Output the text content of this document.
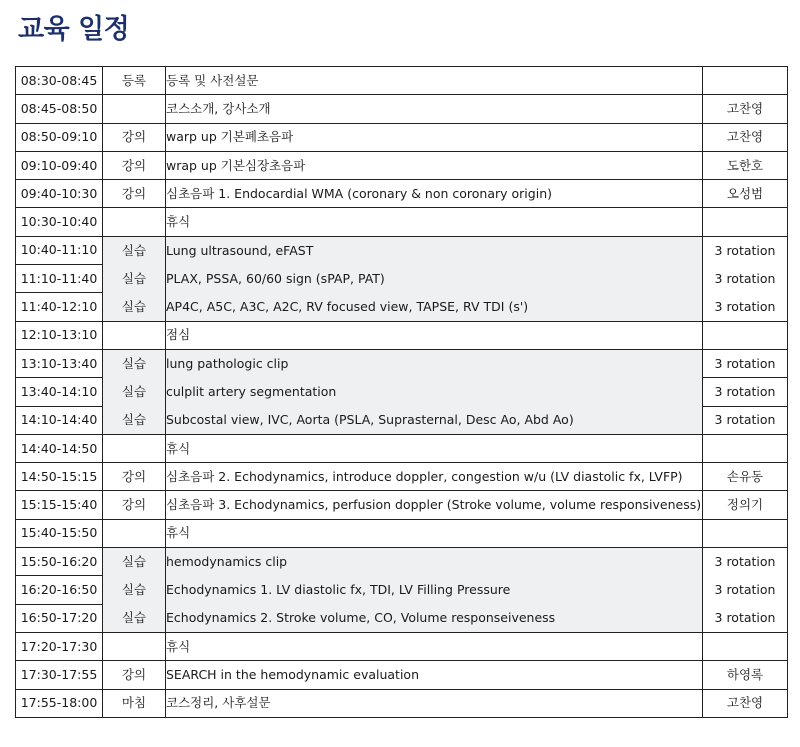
교육 일정
08:30-08:45	등록	등록 및 사전설문	
08:45-08:50		코스소개, 강사소개	고찬영
08:50-09:10	강의	warp up 기본폐초음파	고찬영
09:10-09:40	강의	wrap up 기본심장초음파	도한호
09:40-10:30	강의	심초음파 1. Endocardial WMA (coronary & non coronary origin)	오성범
10:30-10:40		휴식	
10:40-11:10	실습	Lung ultrasound, eFAST	3 rotation
11:10-11:40	실습	PLAX, PSSA, 60/60 sign (sPAP, PAT)	3 rotation
11:40-12:10	실습	AP4C, A5C, A3C, A2C, RV focused view, TAPSE, RV TDI (s')	3 rotation
12:10-13:10		점심	
13:10-13:40	실습	lung pathologic clip	3 rotation
13:40-14:10	실습	culplit artery segmentation	3 rotation
14:10-14:40	실습	Subcostal view, IVC, Aorta (PSLA, Suprasternal, Desc Ao, Abd Ao)	3 rotation
14:40-14:50		휴식	
14:50-15:15	강의	심초음파 2. Echodynamics, introduce doppler, congestion w/u (LV diastolic fx, LVFP)	손유동
15:15-15:40	강의	심초음파 3. Echodynamics, perfusion doppler (Stroke volume, volume responsiveness)	정의기
15:40-15:50		휴식	
15:50-16:20	실습	hemodynamics clip	3 rotation
16:20-16:50	실습	Echodynamics 1. LV diastolic fx, TDI, LV Filling Pressure	3 rotation
16:50-17:20	실습	Echodynamics 2. Stroke volume, CO, Volume responseiveness	3 rotation
17:20-17:30		휴식	
17:30-17:55	강의	SEARCH in the hemodynamic evaluation	하영록
17:55-18:00	마침	코스정리, 사후설문	고찬영
